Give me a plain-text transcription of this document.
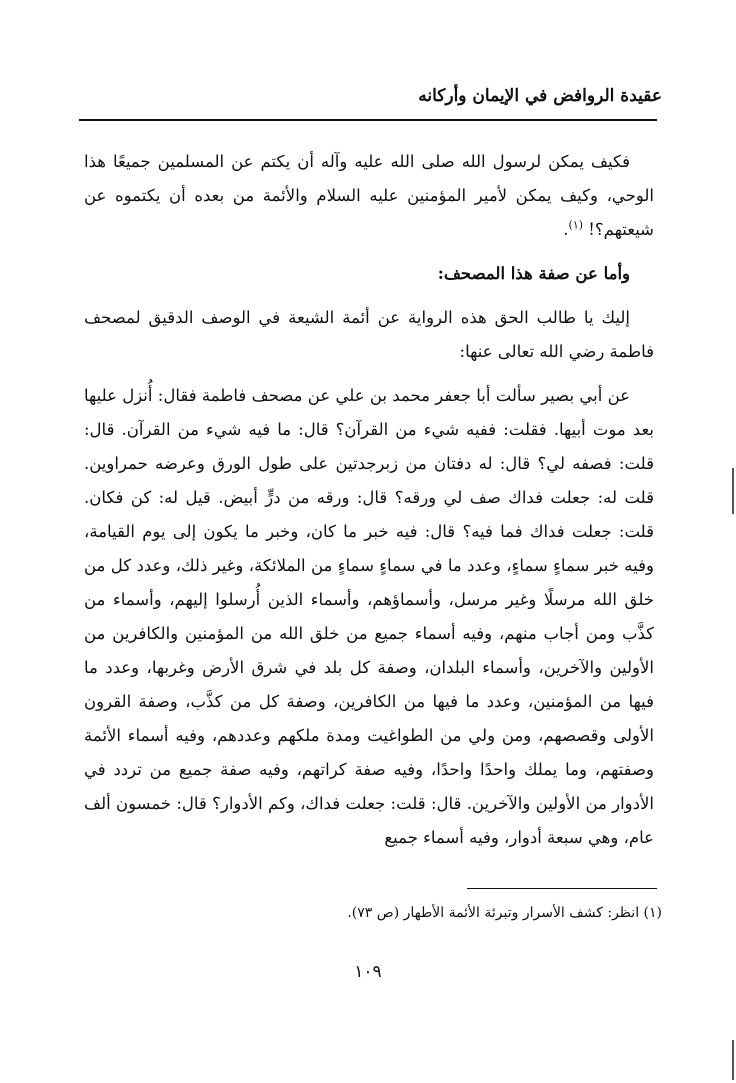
عقيدة الروافض في الإيمان وأركانه

فكيف يمكن لرسول الله صلى الله عليه وآله أن يكتم عن المسلمين جميعًا هذا الوحي، وكيف يمكن لأمير المؤمنين عليه السلام والأئمة من بعده أن يكتموه عن شيعتهم؟! $^{(١)}$.

وأما عن صفة هذا المصحف:

إليك يا طالب الحق هذه الرواية عن أئمة الشيعة في الوصف الدقيق لمصحف فاطمة رضي الله تعالى عنها:

عن أبي بصير سألت أبا جعفر محمد بن علي عن مصحف فاطمة فقال: أُنزل عليها بعد موت أبيها. فقلت: ففيه شيء من القرآن؟ قال: ما فيه شيء من القرآن. قال: قلت: فصفه لي؟ قال: له دفتان من زبرجدتين على طول الورق وعرضه حمراوين. قلت له: جعلت فداك صف لي ورقه؟ قال: ورقه من درٍّ أبيض. قيل له: كن فكان. قلت: جعلت فداك فما فيه؟ قال: فيه خبر ما كان، وخبر ما يكون إلى يوم القيامة، وفيه خبر سماءٍ سماءٍ، وعدد ما في سماءٍ سماءٍ من الملائكة، وغير ذلك، وعدد كل من خلق الله مرسلًا وغير مرسل، وأسماؤهم، وأسماء الذين أُرسلوا إليهم، وأسماء من كذَّب ومن أجاب منهم، وفيه أسماء جميع من خلق الله من المؤمنين والكافرين من الأولين والآخرين، وأسماء البلدان، وصفة كل بلد في شرق الأرض وغربها، وعدد ما فيها من المؤمنين، وعدد ما فيها من الكافرين، وصفة كل من كذَّب، وصفة القرون الأولى وقصصهم، ومن ولي من الطواغيت ومدة ملكهم وعددهم، وفيه أسماء الأئمة وصفتهم، وما يملك واحدًا واحدًا، وفيه صفة كراتهم، وفيه صفة جميع من تردد في الأدوار من الأولين والآخرين. قال: قلت: جعلت فداك، وكم الأدوار؟ قال: خمسون ألف عام، وهي سبعة أدوار، وفيه أسماء جميع

(١) انظر: كشف الأسرار وتبرئة الأئمة الأطهار (ص ٧٣).
١٠٩
